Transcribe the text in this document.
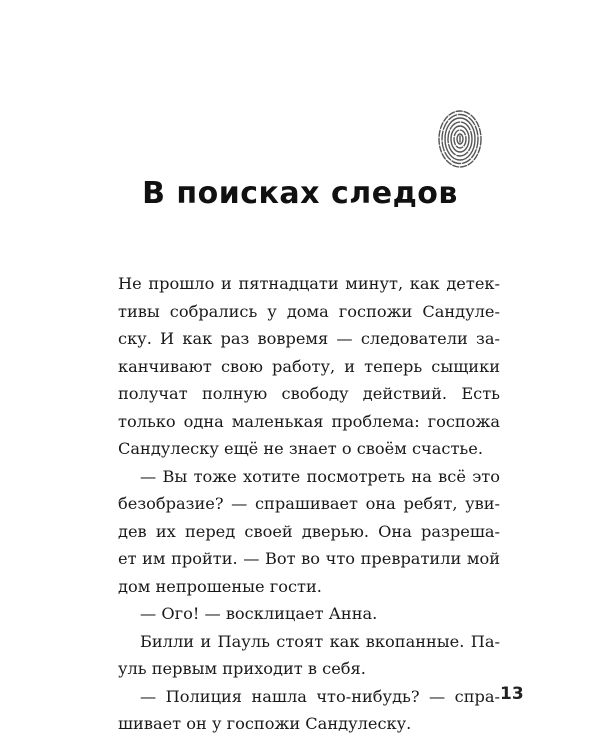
В поисках следов
Не прошло и пятнадцати минут, как детек-
тивы собрались у дома госпожи Сандуле-
ску. И как раз вовремя — следователи за-
канчивают свою работу, и теперь сыщики
получат полную свободу действий. Есть
только одна маленькая проблема: госпожа
Сандулеску ещё не знает о своём счастье.
— Вы тоже хотите посмотреть на всё это
безобразие? — спрашивает она ребят, уви-
дев их перед своей дверью. Она разреша-
ет им пройти. — Вот во что превратили мой
дом непрошеные гости.
— Ого! — восклицает Анна.
Билли и Пауль стоят как вкопанные. Па-
уль первым приходит в себя.
— Полиция нашла что-нибудь? — спра-
шивает он у госпожи Сандулеску.
13
